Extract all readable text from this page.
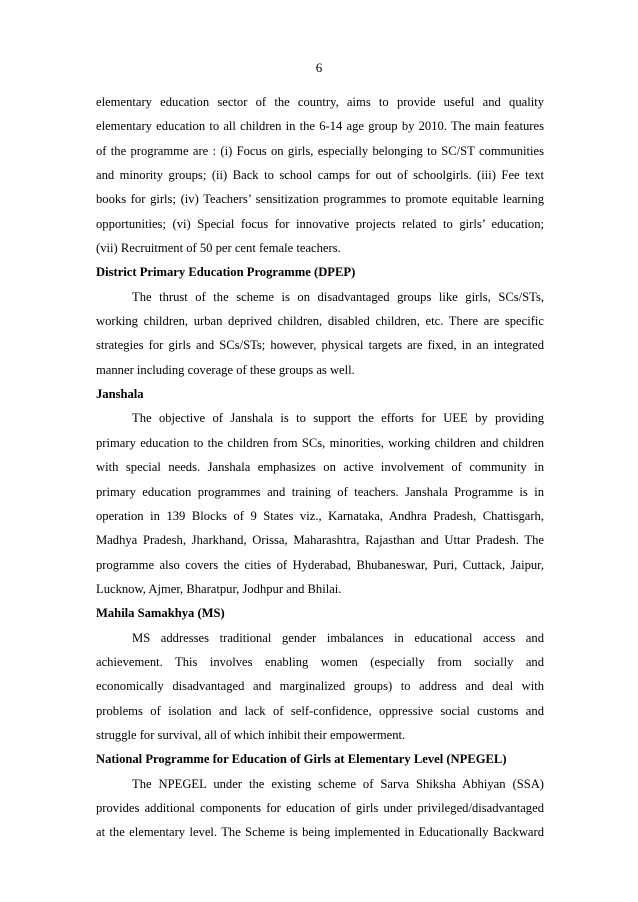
6
elementary education sector of the country, aims to provide useful and quality
elementary education to all children in the 6-14 age group by 2010. The main features
of the programme are : (i) Focus on girls, especially belonging to SC/ST communities
and minority groups; (ii) Back to school camps for out of schoolgirls. (iii) Fee text
books for girls; (iv) Teachers’ sensitization programmes to promote equitable learning
opportunities; (vi) Special focus for innovative projects related to girls’ education;
(vii) Recruitment of 50 per cent female teachers.
District Primary Education Programme (DPEP)
The thrust of the scheme is on disadvantaged groups like girls, SCs/STs,
working children, urban deprived children, disabled children, etc. There are specific
strategies for girls and SCs/STs; however, physical targets are fixed, in an integrated
manner including coverage of these groups as well.
Janshala
The objective of Janshala is to support the efforts for UEE by providing
primary education to the children from SCs, minorities, working children and children
with special needs. Janshala emphasizes on active involvement of community in
primary education programmes and training of teachers. Janshala Programme is in
operation in 139 Blocks of 9 States viz., Karnataka, Andhra Pradesh, Chattisgarh,
Madhya Pradesh, Jharkhand, Orissa, Maharashtra, Rajasthan and Uttar Pradesh. The
programme also covers the cities of Hyderabad, Bhubaneswar, Puri, Cuttack, Jaipur,
Lucknow, Ajmer, Bharatpur, Jodhpur and Bhilai.
Mahila Samakhya (MS)
MS addresses traditional gender imbalances in educational access and
achievement. This involves enabling women (especially from socially and
economically disadvantaged and marginalized groups) to address and deal with
problems of isolation and lack of self-confidence, oppressive social customs and
struggle for survival, all of which inhibit their empowerment.
National Programme for Education of Girls at Elementary Level (NPEGEL)
The NPEGEL under the existing scheme of Sarva Shiksha Abhiyan (SSA)
provides additional components for education of girls under privileged/disadvantaged
at the elementary level. The Scheme is being implemented in Educationally Backward
